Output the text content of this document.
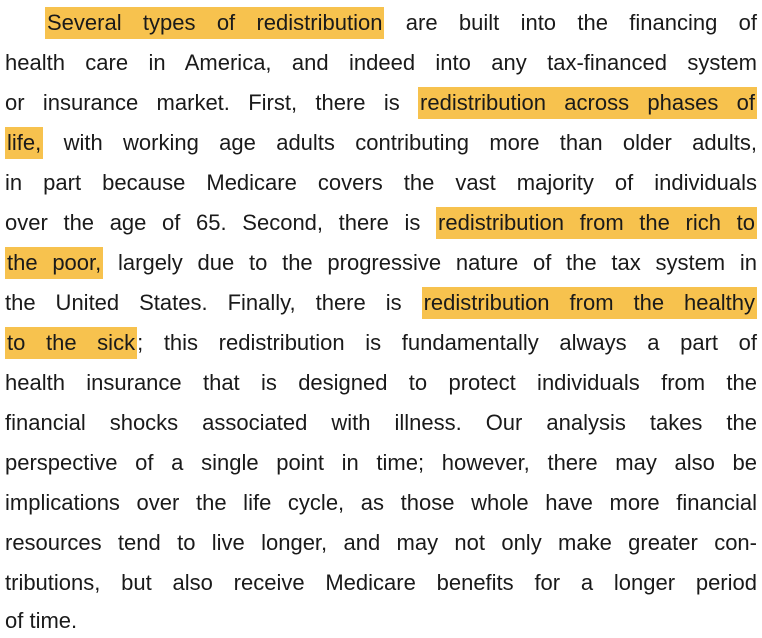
Several types of redistribution are built into the financing of
health care in America, and indeed into any tax-financed system
or insurance market. First, there is redistribution across phases of
life, with working age adults contributing more than older adults,
in part because Medicare covers the vast majority of individuals
over the age of 65. Second, there is redistribution from the rich to
the poor, largely due to the progressive nature of the tax system in
the United States. Finally, there is redistribution from the healthy
to the sick; this redistribution is fundamentally always a part of
health insurance that is designed to protect individuals from the
financial shocks associated with illness. Our analysis takes the
perspective of a single point in time; however, there may also be
implications over the life cycle, as those whole have more financial
resources tend to live longer, and may not only make greater con-
tributions, but also receive Medicare benefits for a longer period
of time.
